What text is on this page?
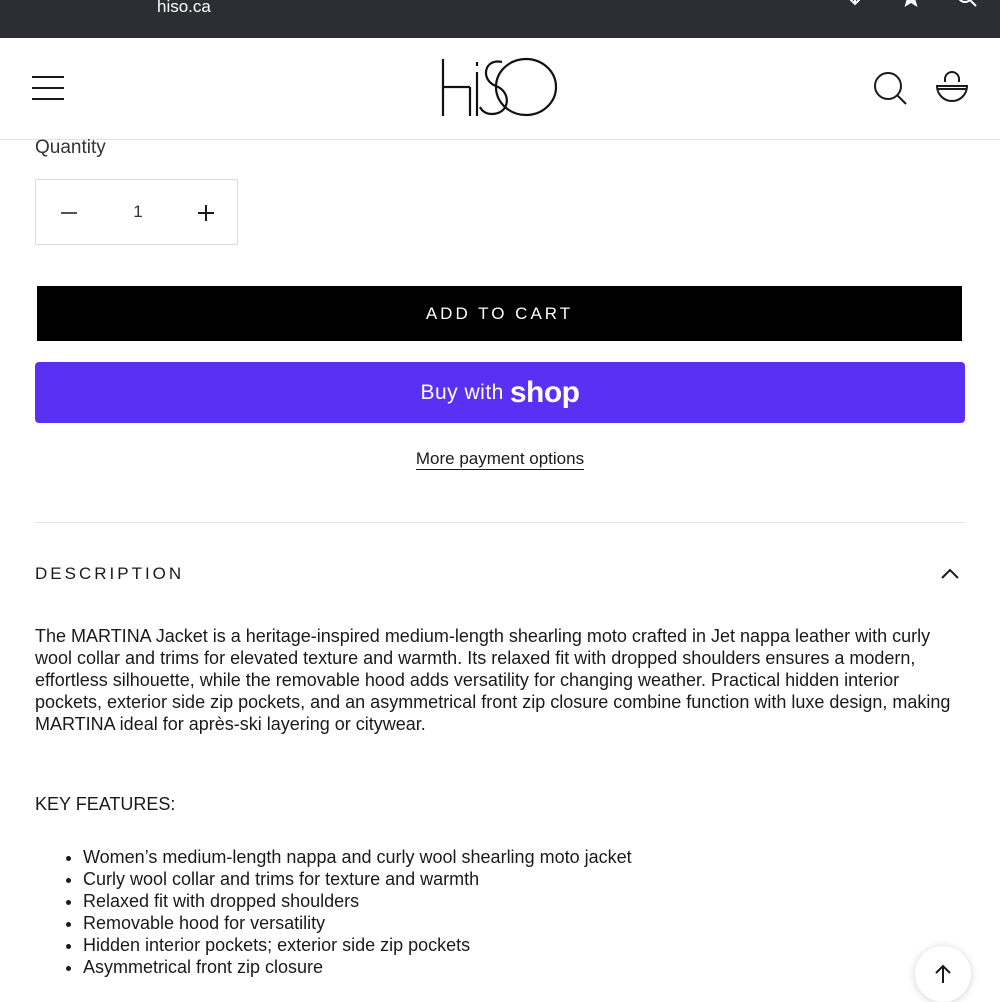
hiso.ca
Quantity
1
ADD TO CART
Buy with shop
More payment options
DESCRIPTION

The MARTINA Jacket is a heritage-inspired medium-length shearling moto crafted in Jet nappa leather with curly wool collar and trims for elevated texture and warmth. Its relaxed fit with dropped shoulders ensures a modern, effortless silhouette, while the removable hood adds versatility for changing weather. Practical hidden interior pockets, exterior side zip pockets, and an asymmetrical front zip closure combine function with luxe design, making MARTINA ideal for après-ski layering or citywear.

KEY FEATURES:
• Women’s medium-length nappa and curly wool shearling moto jacket
• Curly wool collar and trims for texture and warmth
• Relaxed fit with dropped shoulders
• Removable hood for versatility
• Hidden interior pockets; exterior side zip pockets
• Asymmetrical front zip closure
